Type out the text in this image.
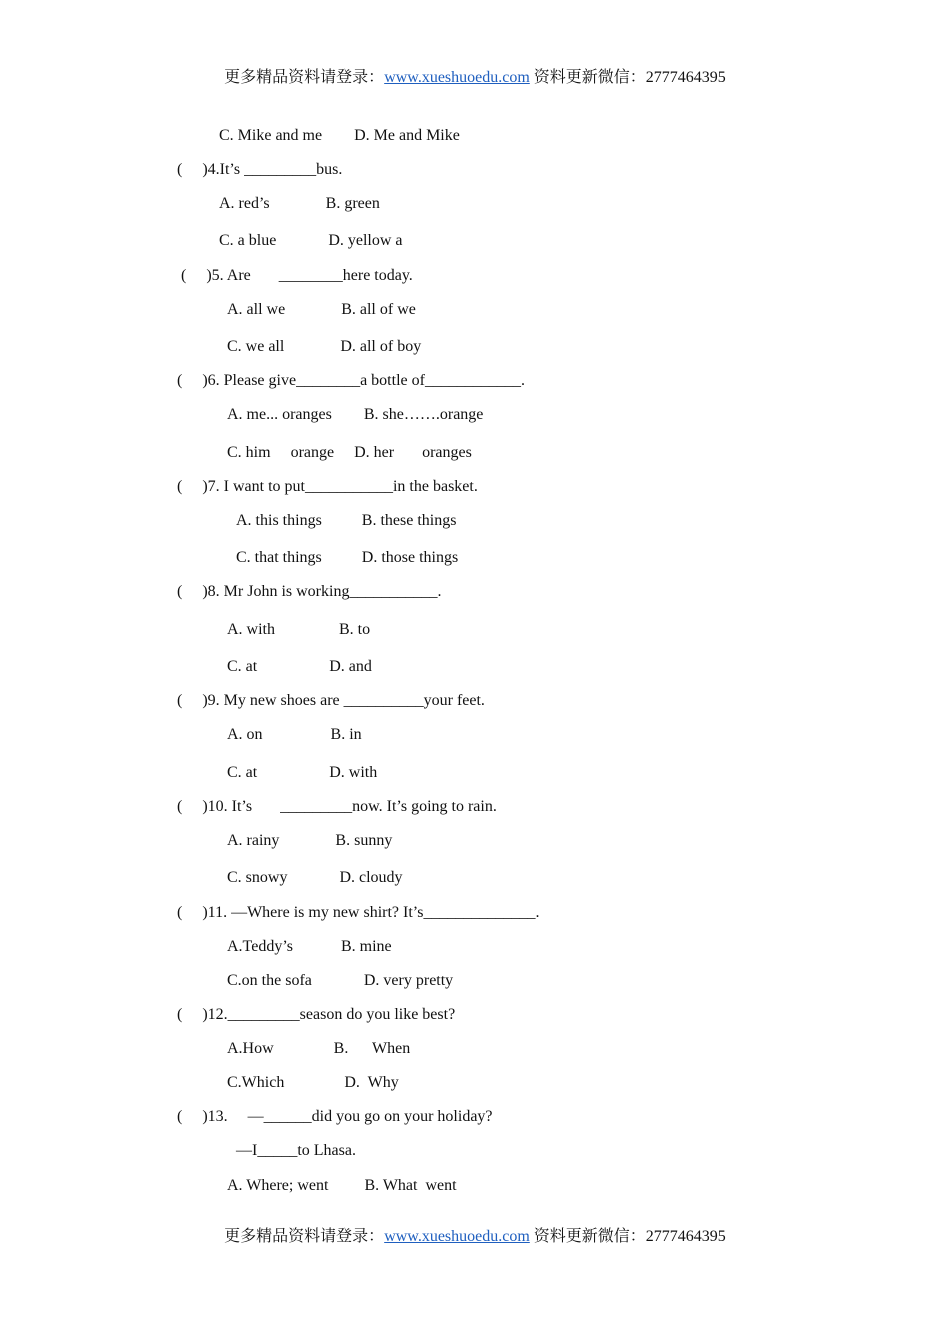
更多精品资料请登录：www.xueshuoedu.com 资料更新微信：2777464395
C. Mike and me        D. Me and Mike
(     )4.It’s _________bus.
A. red’s              B. green
C. a blue             D. yellow a
(     )5. Are       ________here today.
A. all we              B. all of we
C. we all              D. all of boy
(     )6. Please give________a bottle of____________.
A. me... oranges        B. she…….orange
C. him     orange     D. her       oranges
(     )7. I want to put___________in the basket.
A. this things          B. these things
C. that things          D. those things
(     )8. Mr John is working___________.
A. with                B. to
C. at                  D. and
(     )9. My new shoes are __________your feet.
A. on                 B. in
C. at                  D. with
(     )10. It’s       _________now. It’s going to rain.
A. rainy              B. sunny
C. snowy             D. cloudy
(     )11. —Where is my new shirt? It’s______________.
A.Teddy’s            B. mine
C.on the sofa             D. very pretty
(     )12._________season do you like best?
A.How               B.      When
C.Which               D.  Why
(     )13.     —______did you go on your holiday?
—I_____to Lhasa.
A. Where; went         B. What  went
更多精品资料请登录：www.xueshuoedu.com 资料更新微信：2777464395
